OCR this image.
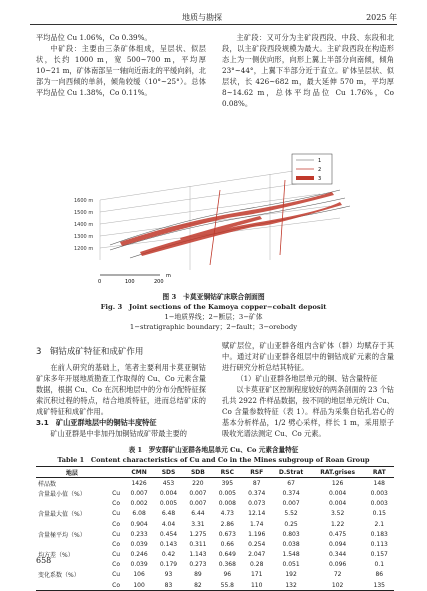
地质与勘探	2025 年

平均品位 Cu 1.06%，Co 0.39%。

中矿段：主要由三条矿体组成，呈层状、似层状，长约 1000 m，宽 500~700 m，平均厚 10~21 m，矿体南部呈一轴向近南北的平缓向斜，北部为一向西倾的单斜，倾角较缓（10°~25°）。总体平均品位 Cu 1.38%，Co 0.11%。

主矿段：又可分为主矿段西段、中段、东段和北段，以主矿段西段规模为最大。主矿段西段在构造形态上为一侧伏向形，向形上翼上半部分向南倾，倾角 23°~44°，上翼下半部分近于直立。矿体呈层状、似层状，长 426~682 m，最大延伸 570 m，平均厚 8~14.62 m，总体平均品位 Cu 1.76%，Co 0.08%。

1600 m
1500 m
1400 m
1300 m
1200 m
1
2
3
0	100	200
m
图 3　卡莫亚铜钴矿床联合剖面图
Fig. 3　Joint sections of the Kamoya copper−cobalt deposit
1−地质界线；2−断层；3−矿体
1−stratigraphic boundary；2−fault；3−orebody
3　铜钴成矿特征和成矿作用

在前人研究的基础上，笔者主要利用卡莫亚铜钴矿床多年开展地质勘查工作取得的 Cu、Co 元素含量数据，根据 Cu、Co 在沉积地层中的分布分配特征探索沉积过程的特点，结合地质特征，进而总结矿床的成矿特征和成矿作用。

3.1　矿山亚群地层中的铜钴丰度特征

矿山亚群是中非加丹加铜钴成矿带最主要的

赋矿层位，矿山亚群各组内含矿体（群）均赋存于其中。通过对矿山亚群各组层中的铜钴成矿元素的含量进行研究分析总结其特征。

（1）矿山亚群各地层单元的铜、钴含量特征

以卡莫亚矿区控制程度较好的两条剖面的 23 个钻孔共 2922 件样品数据，按不同的地层单元统计 Cu、Co 含量参数特征（表 1）。样品为采集自钻孔岩心的基本分析样品，1/2 劈心采样，样长 1 m，采用原子吸收光谱法测定 Cu、Co 元素。

表 1　罗安群矿山亚群各地层单元 Cu、Co 元素含量特征
Table 1　Content characteristics of Cu and Co in the Mines subgroup of Roan Group
地层		CMN	SDS	SDB	RSC	RSF	D.Strat	RAT.grises	RAT
样品数		1426	453	220	395	87	67	126	148
含量最小值（%）	Cu	0.007	0.004	0.007	0.005	0.374	0.374	0.004	0.003
	Co	0.002	0.005	0.007	0.008	0.073	0.007	0.004	0.003
含量最大值（%）	Cu	6.08	6.48	6.44	4.73	12.14	5.52	3.52	0.15
	Co	0.904	4.04	3.31	2.86	1.74	0.25	1.22	2.1
含量極平均（%）	Cu	0.233	0.454	1.275	0.673	1.196	0.803	0.475	0.183
	Co	0.039	0.143	0.311	0.66	0.254	0.038	0.094	0.113
均方差（%）	Cu	0.246	0.42	1.143	0.649	2.047	1.548	0.344	0.157
	Co	0.039	0.179	0.273	0.368	0.28	0.051	0.096	0.1
变化系数（%）	Cu	106	93	89	96	171	192	72	86
	Co	100	83	82	55.8	110	132	102	135
658
